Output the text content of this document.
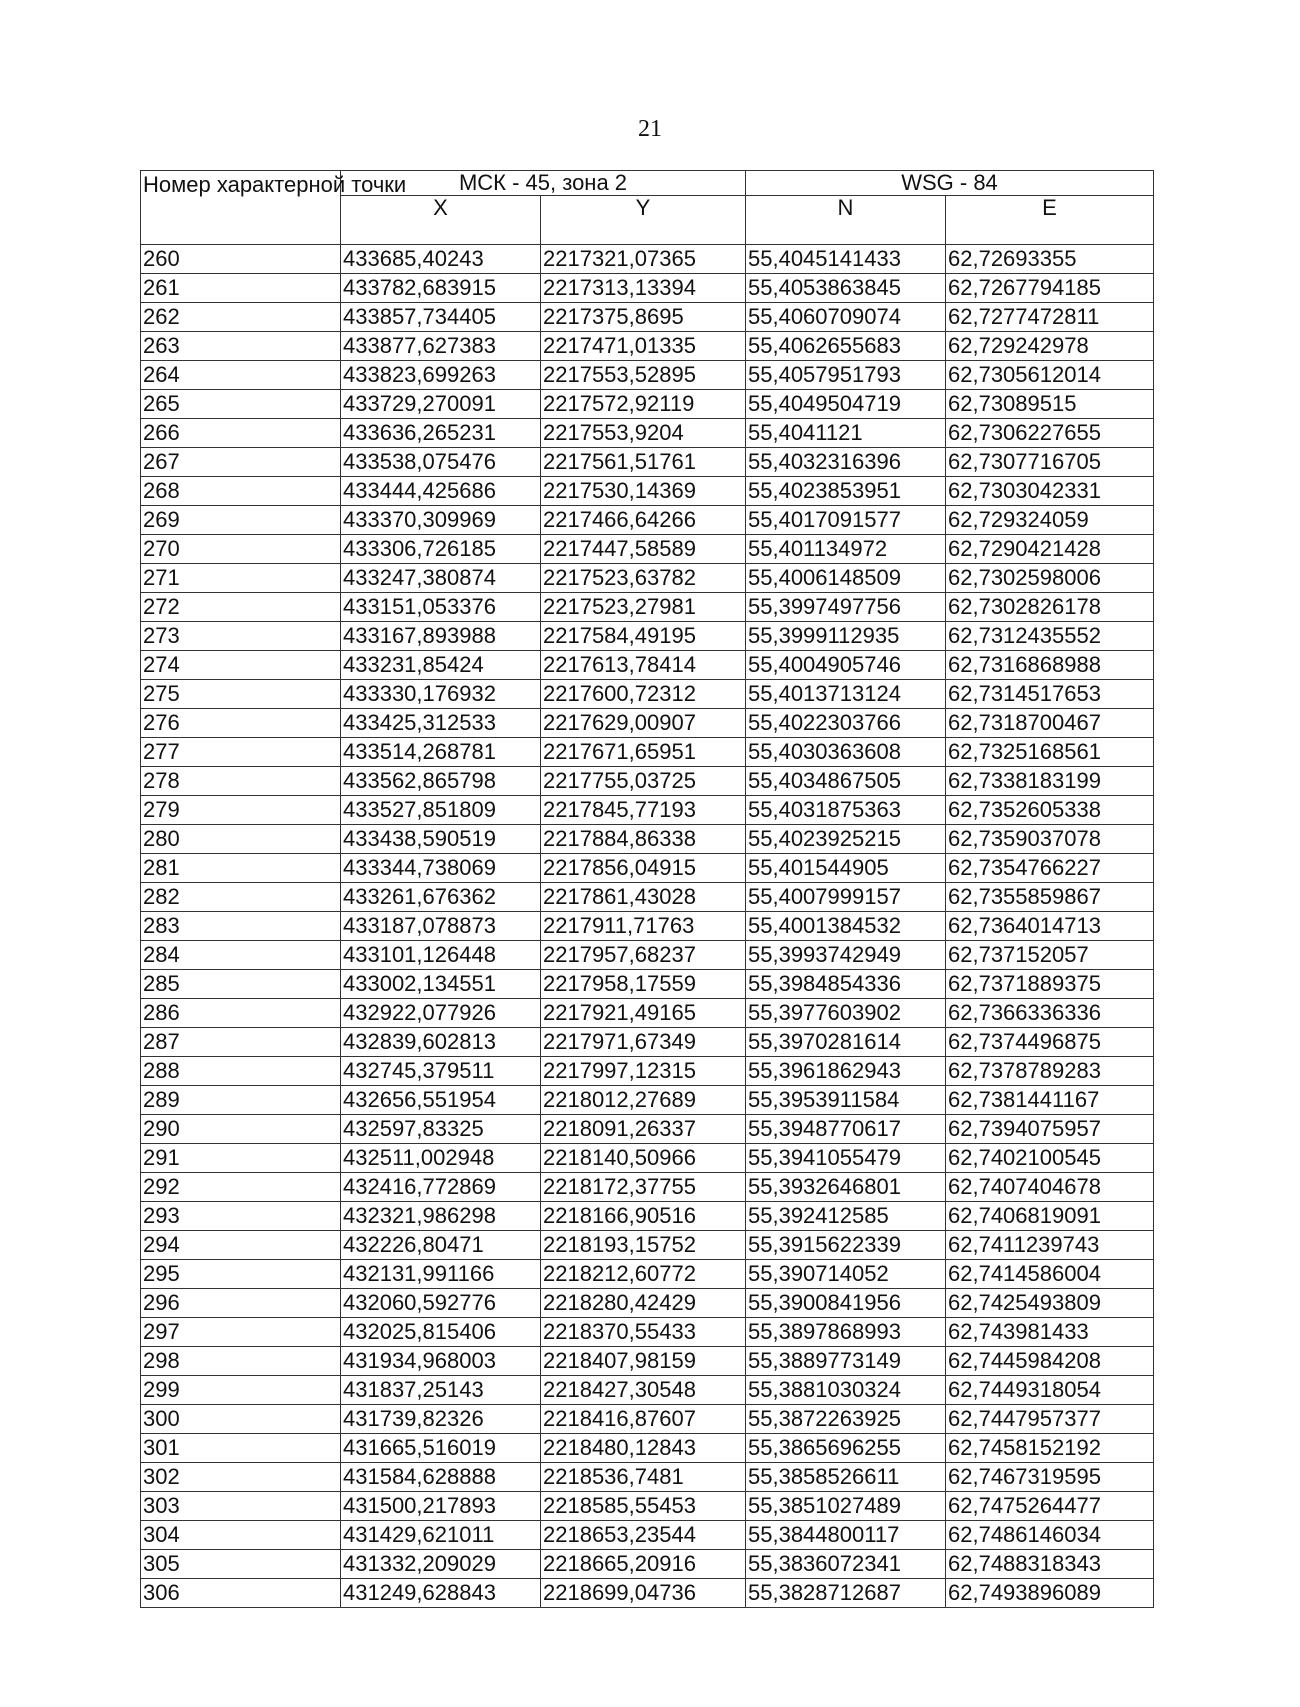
21
Номер характерной точки	МСК - 45, зона 2		WSG - 84	
	X	Y	N	E
260	433685,40243	2217321,07365	55,4045141433	62,72693355
261	433782,683915	2217313,13394	55,4053863845	62,7267794185
262	433857,734405	2217375,8695	55,4060709074	62,7277472811
263	433877,627383	2217471,01335	55,4062655683	62,729242978
264	433823,699263	2217553,52895	55,4057951793	62,7305612014
265	433729,270091	2217572,92119	55,4049504719	62,73089515
266	433636,265231	2217553,9204	55,4041121	62,7306227655
267	433538,075476	2217561,51761	55,4032316396	62,7307716705
268	433444,425686	2217530,14369	55,4023853951	62,7303042331
269	433370,309969	2217466,64266	55,4017091577	62,729324059
270	433306,726185	2217447,58589	55,401134972	62,7290421428
271	433247,380874	2217523,63782	55,4006148509	62,7302598006
272	433151,053376	2217523,27981	55,3997497756	62,7302826178
273	433167,893988	2217584,49195	55,3999112935	62,7312435552
274	433231,85424	2217613,78414	55,4004905746	62,7316868988
275	433330,176932	2217600,72312	55,4013713124	62,7314517653
276	433425,312533	2217629,00907	55,4022303766	62,7318700467
277	433514,268781	2217671,65951	55,4030363608	62,7325168561
278	433562,865798	2217755,03725	55,4034867505	62,7338183199
279	433527,851809	2217845,77193	55,4031875363	62,7352605338
280	433438,590519	2217884,86338	55,4023925215	62,7359037078
281	433344,738069	2217856,04915	55,401544905	62,7354766227
282	433261,676362	2217861,43028	55,4007999157	62,7355859867
283	433187,078873	2217911,71763	55,4001384532	62,7364014713
284	433101,126448	2217957,68237	55,3993742949	62,737152057
285	433002,134551	2217958,17559	55,3984854336	62,7371889375
286	432922,077926	2217921,49165	55,3977603902	62,7366336336
287	432839,602813	2217971,67349	55,3970281614	62,7374496875
288	432745,379511	2217997,12315	55,3961862943	62,7378789283
289	432656,551954	2218012,27689	55,3953911584	62,7381441167
290	432597,83325	2218091,26337	55,3948770617	62,7394075957
291	432511,002948	2218140,50966	55,3941055479	62,7402100545
292	432416,772869	2218172,37755	55,3932646801	62,7407404678
293	432321,986298	2218166,90516	55,392412585	62,7406819091
294	432226,80471	2218193,15752	55,3915622339	62,7411239743
295	432131,991166	2218212,60772	55,390714052	62,7414586004
296	432060,592776	2218280,42429	55,3900841956	62,7425493809
297	432025,815406	2218370,55433	55,3897868993	62,743981433
298	431934,968003	2218407,98159	55,3889773149	62,7445984208
299	431837,25143	2218427,30548	55,3881030324	62,7449318054
300	431739,82326	2218416,87607	55,3872263925	62,7447957377
301	431665,516019	2218480,12843	55,3865696255	62,7458152192
302	431584,628888	2218536,7481	55,3858526611	62,7467319595
303	431500,217893	2218585,55453	55,3851027489	62,7475264477
304	431429,621011	2218653,23544	55,3844800117	62,7486146034
305	431332,209029	2218665,20916	55,3836072341	62,7488318343
306	431249,628843	2218699,04736	55,3828712687	62,7493896089
